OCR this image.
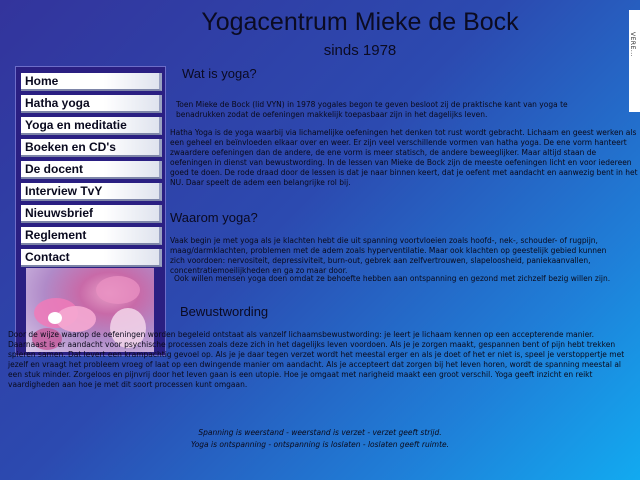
Yogacentrum Mieke de Bock
sinds 1978	VERE...
Home
Hatha yoga
Yoga en meditatie
Boeken en CD's
De docent
Interview TvY
Nieuwsbrief
Reglement
Contact
Wat is yoga?
Toen Mieke de Bock (lid VYN) in 1978 yogales begon te geven besloot zij de praktische kant van yoga te benadrukken zodat de oefeningen makkelijk toepasbaar zijn in het dagelijks leven.
Hatha Yoga is de yoga waarbij via lichamelijke oefeningen het denken tot rust wordt gebracht. Lichaam en geest werken als een geheel en beïnvloeden elkaar over en weer. Er zijn veel verschillende vormen van hatha yoga. De ene vorm hanteert zwaardere oefeningen dan de andere, de ene vorm is meer statisch, de andere beweeglijker. Maar altijd staan de oefeningen in dienst van bewustwording. In de lessen van Mieke de Bock zijn de meeste oefeningen licht en voor iedereen goed te doen. De rode draad door de lessen is dat je naar binnen keert, dat je oefent met aandacht en aanwezig bent in het NU. Daar speelt de adem een belangrijke rol bij.
Waarom yoga?
Vaak begin je met yoga als je klachten hebt die uit spanning voortvloeien zoals hoofd-, nek-, schouder- of rugpijn, maag/darmklachten, problemen met de adem zoals hyperventilatie. Maar ook klachten op geestelijk gebied kunnen zich voordoen: nervositeit, depressiviteit, burn-out, gebrek aan zelfvertrouwen, slapeloosheid, paniekaanvallen, concentratiemoeilijkheden en ga zo maar door.
Ook willen mensen yoga doen omdat ze behoefte hebben aan ontspanning en gezond met zichzelf bezig willen zijn.
Bewustwording
Door de wijze waarop de oefeningen worden begeleid ontstaat als vanzelf lichaamsbewustwording: je leert je lichaam kennen op een accepterende manier. Daarnaast is er aandacht voor psychische processen zoals deze zich in het dagelijks leven voordoen. Als je je zorgen maakt, gespannen bent of pijn hebt trekken spieren samen. Dat levert een krampachtig gevoel op. Als je je daar tegen verzet wordt het meestal erger en als je doet of het er niet is, speel je verstoppertje met jezelf en vraagt het probleem vroeg of laat op een dwingende manier om aandacht. Als je accepteert dat zorgen bij het leven horen, wordt de spanning meestal al een stuk minder. Zorgeloos en pijnvrij door het leven gaan is een utopie. Hoe je omgaat met narigheid maakt een groot verschil. Yoga geeft inzicht en reikt vaardigheden aan hoe je met dit soort processen kunt omgaan.
Spanning is weerstand - weerstand is verzet - verzet geeft strijd.
Yoga is ontspanning - ontspanning is loslaten - loslaten geeft ruimte.
